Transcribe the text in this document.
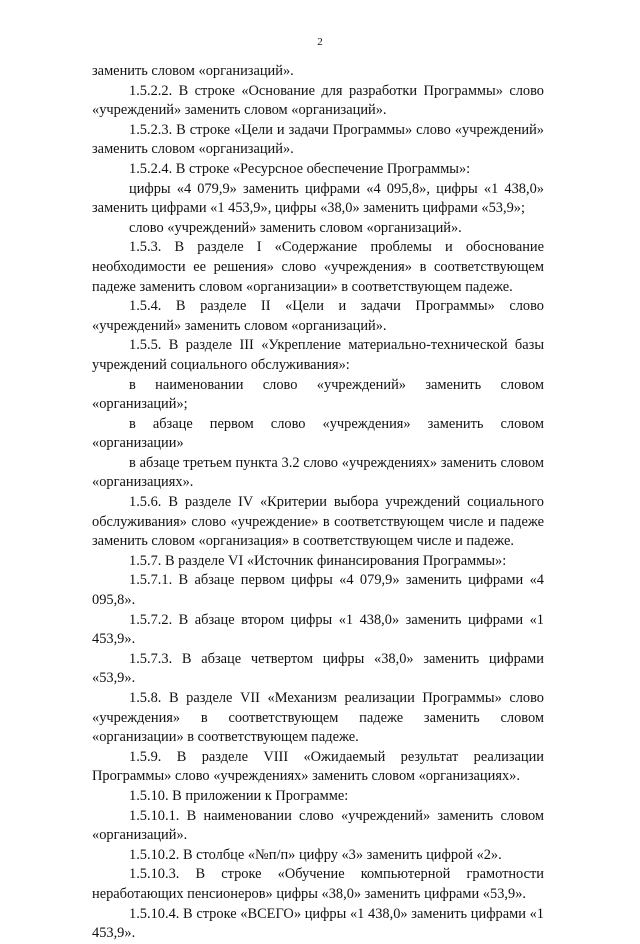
2

заменить словом «организаций».

1.5.2.2. В строке «Основание для разработки Программы» слово «учреждений» заменить словом «организаций».

1.5.2.3. В строке «Цели и задачи Программы» слово «учреждений» заменить словом «организаций».

1.5.2.4. В строке «Ресурсное обеспечение Программы»:

цифры «4 079,9» заменить цифрами «4 095,8», цифры «1 438,0» заменить цифрами «1 453,9», цифры «38,0» заменить цифрами «53,9»;

слово «учреждений» заменить словом «организаций».

1.5.3. В разделе I «Содержание проблемы и обоснование необходимости ее решения» слово «учреждения» в соответствующем падеже заменить словом «организации» в соответствующем падеже.

1.5.4. В разделе II «Цели и задачи Программы» слово «учреждений» заменить словом «организаций».

1.5.5. В разделе III «Укрепление материально-технической базы учреждений социального обслуживания»:

в наименовании слово «учреждений» заменить словом «организаций»;

в абзаце первом слово «учреждения» заменить словом «организации»

в абзаце третьем пункта 3.2 слово «учреждениях» заменить словом «организациях».

1.5.6. В разделе IV «Критерии выбора учреждений социального обслуживания» слово «учреждение» в соответствующем числе и падеже заменить словом «организация» в соответствующем числе и падеже.

1.5.7. В разделе VI «Источник финансирования Программы»:

1.5.7.1. В абзаце первом цифры «4 079,9» заменить цифрами «4 095,8».

1.5.7.2. В абзаце втором цифры «1 438,0» заменить цифрами «1 453,9».

1.5.7.3. В абзаце четвертом цифры «38,0» заменить цифрами «53,9».

1.5.8. В разделе VII «Механизм реализации Программы» слово «учреждения» в соответствующем падеже заменить словом «организации» в соответствующем падеже.

1.5.9. В разделе VIII «Ожидаемый результат реализации Программы» слово «учреждениях» заменить словом «организациях».

1.5.10. В приложении к Программе:

1.5.10.1. В наименовании слово «учреждений» заменить словом «организаций».

1.5.10.2. В столбце «№п/п» цифру «3» заменить цифрой «2».

1.5.10.3. В строке «Обучение компьютерной грамотности неработающих пенсионеров» цифры «38,0» заменить цифрами «53,9».

1.5.10.4. В строке «ВСЕГО» цифры «1 438,0» заменить цифрами «1 453,9».
